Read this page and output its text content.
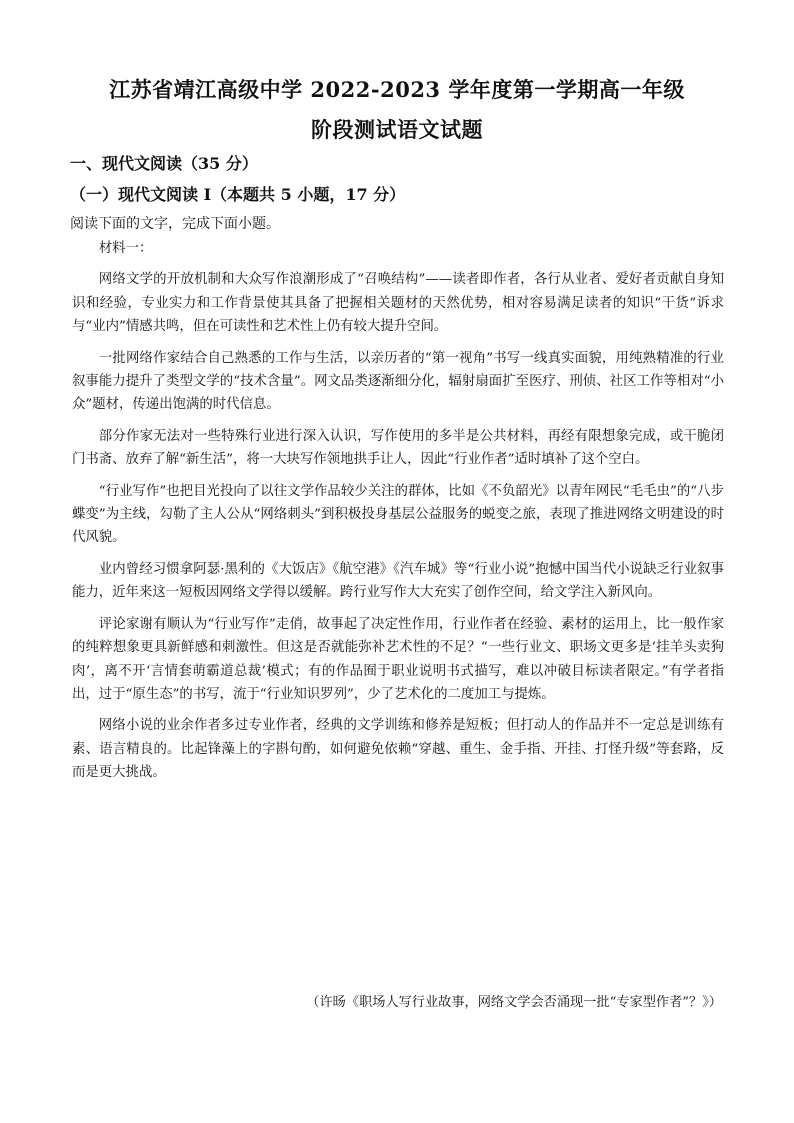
江苏省靖江高级中学 2022-2023 学年度第一学期高一年级
阶段测试语文试题
一、现代文阅读（35 分）
（一）现代文阅读 I（本题共 5 小题，17 分）
阅读下面的文字，完成下面小题。

材料一：

网络文学的开放机制和大众写作浪潮形成了“召唤结构”——读者即作者，各行从业者、爱好者贡献自身知识和经验，专业实力和工作背景使其具备了把握相关题材的天然优势，相对容易满足读者的知识“干货”诉求与“业内”情感共鸣，但在可读性和艺术性上仍有较大提升空间。

一批网络作家结合自己熟悉的工作与生活，以亲历者的“第一视角”书写一线真实面貌，用纯熟精准的行业叙事能力提升了类型文学的“技术含量”。网文品类逐渐细分化，辐射扇面扩至医疗、刑侦、社区工作等相对“小众”题材，传递出饱满的时代信息。

部分作家无法对一些特殊行业进行深入认识，写作使用的多半是公共材料，再经有限想象完成，或干脆闭门书斋、放弃了解“新生活”，将一大块写作领地拱手让人，因此“行业作者”适时填补了这个空白。

“行业写作”也把目光投向了以往文学作品较少关注的群体，比如《不负韶光》以青年网民“毛毛虫”的“八步蝶变”为主线，勾勒了主人公从“网络刺头”到积极投身基层公益服务的蜕变之旅，表现了推进网络文明建设的时代风貌。

业内曾经习惯拿阿瑟·黑利的《大饭店》《航空港》《汽车城》等“行业小说”抱憾中国当代小说缺乏行业叙事能力，近年来这一短板因网络文学得以缓解。跨行业写作大大充实了创作空间，给文学注入新风向。

评论家谢有顺认为“行业写作”走俏，故事起了决定性作用，行业作者在经验、素材的运用上，比一般作家的纯粹想象更具新鲜感和刺激性。但这是否就能弥补艺术性的不足？“一些行业文、职场文更多是‘挂羊头卖狗肉’，离不开‘言情套萌霸道总裁’模式；有的作品囿于职业说明书式描写，难以冲破目标读者限定。”有学者指出，过于“原生态”的书写，流于“行业知识罗列”，少了艺术化的二度加工与提炼。

网络小说的业余作者多过专业作者，经典的文学训练和修养是短板；但打动人的作品并不一定总是训练有素、语言精良的。比起锋藻上的字斟句酌，如何避免依赖“穿越、重生、金手指、开挂、打怪升级”等套路，反而是更大挑战。

（许旸《职场人写行业故事，网络文学会否涌现一批“专家型作者”？》）
